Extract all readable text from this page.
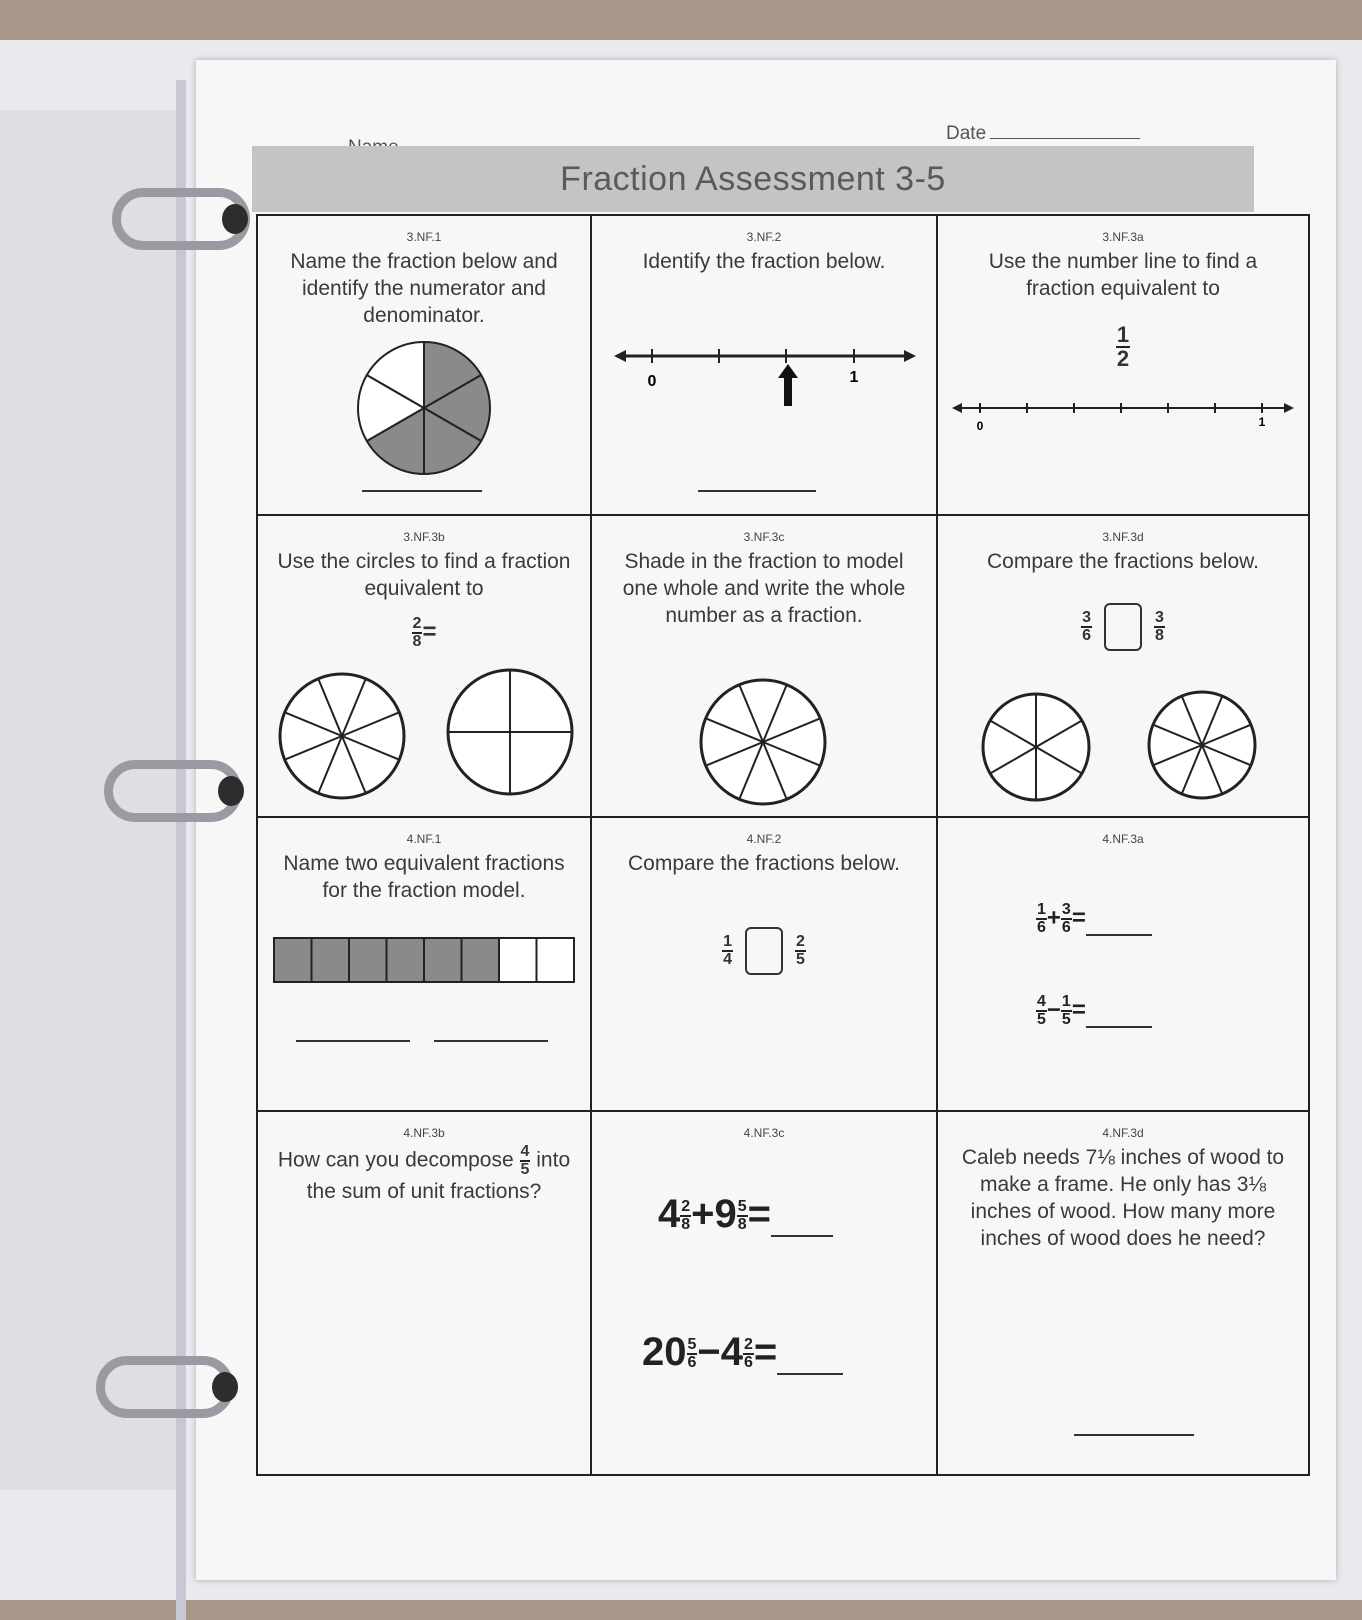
Date
Fraction Assessment 3-5
3.NF.1
Name the fraction below and identify the numerator and denominator.
3.NF.2
Identify the fraction below.
0	1
3.NF.3a
Use the number line to find a fraction equivalent to
$\frac{1}{2}$
0	1
3.NF.3b
Use the circles to find a fraction equivalent to
$\frac{2}{8}$ =
3.NF.3c
Shade in the fraction to model one whole and write the whole number as a fraction.
3.NF.3d
Compare the fractions below.
$\frac{3}{6}$	$\frac{3}{8}$
4.NF.1
Name two equivalent fractions for the fraction model.
4.NF.2
Compare the fractions below.
$\frac{1}{4}$	$\frac{2}{5}$
4.NF.3a
$\frac{1}{6} + \frac{3}{6}$ =
$\frac{4}{5} - \frac{1}{5}$ =
4.NF.3b
How can you decompose $\frac{4}{5}$ into the sum of unit fractions?
4.NF.3c
$4 \frac{2}{8} +9 \frac{5}{8}$ =
$20 \frac{5}{6} -4 \frac{2}{6}$ =
4.NF.3d
Caleb needs 7⅛ inches of wood to make a frame. He only has 3⅛ inches of wood. How many more inches of wood does he need?
